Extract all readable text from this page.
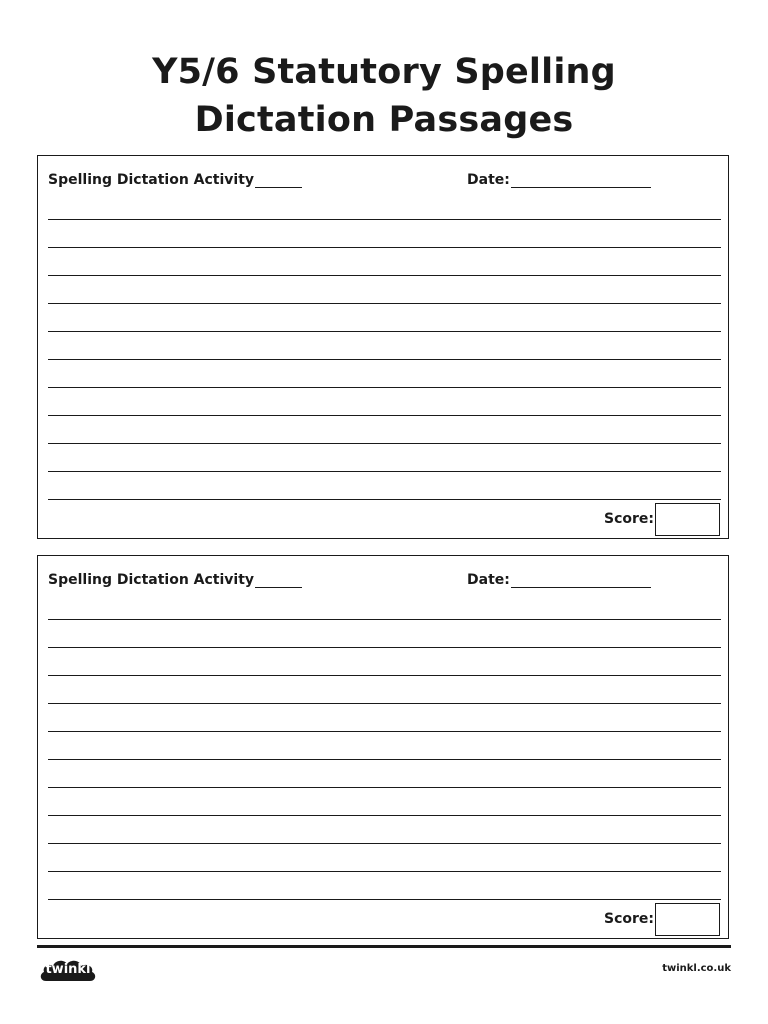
Y5/6 Statutory Spelling
Dictation Passages
Spelling Dictation Activity	Date:
Score:
Spelling Dictation Activity	Date:
Score:
twinkl	twinkl.co.uk
